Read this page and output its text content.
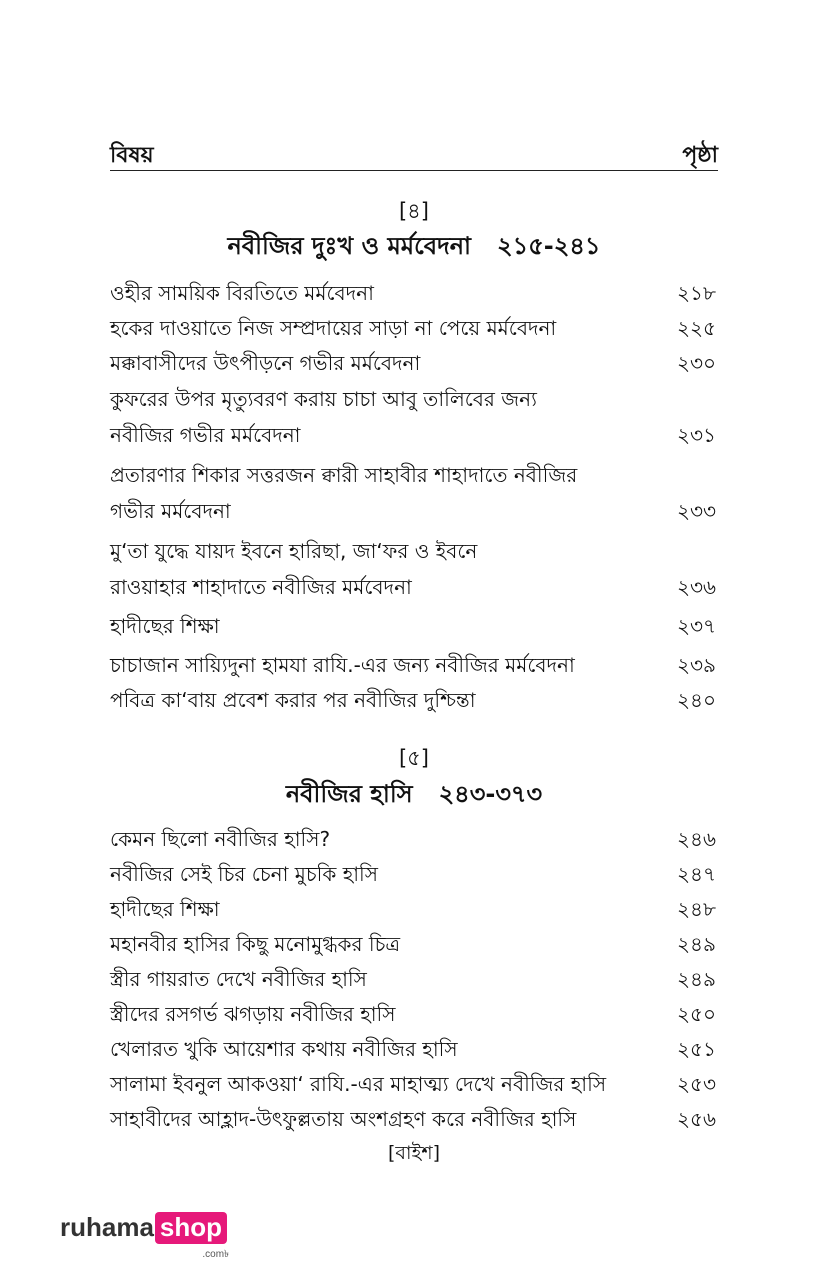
বিষয়	পৃষ্ঠা
[৪]
নবীজির দুঃখ ও মর্মবেদনা ২১৫-২৪১
ওহীর সাময়িক বিরতিতে মর্মবেদনা	২১৮
হকের দাওয়াতে নিজ সম্প্রদায়ের সাড়া না পেয়ে মর্মবেদনা	২২৫
মক্কাবাসীদের উৎপীড়নে গভীর মর্মবেদনা	২৩০
কুফরের উপর মৃত্যুবরণ করায় চাচা আবু তালিবের জন্য
নবীজির গভীর মর্মবেদনা	২৩১
প্রতারণার শিকার সত্তরজন ক্বারী সাহাবীর শাহাদাতে নবীজির
গভীর মর্মবেদনা	২৩৩
মু‘তা যুদ্ধে যায়দ ইবনে হারিছা, জা‘ফর ও ইবনে
রাওয়াহার শাহাদাতে নবীজির মর্মবেদনা	২৩৬
হাদীছের শিক্ষা	২৩৭
চাচাজান সায়্যিদুনা হামযা রাযি.-এর জন্য নবীজির মর্মবেদনা	২৩৯
পবিত্র কা‘বায় প্রবেশ করার পর নবীজির দুশ্চিন্তা	২৪০
[৫]
নবীজির হাসি ২৪৩-৩৭৩
কেমন ছিলো নবীজির হাসি?	২৪৬
নবীজির সেই চির চেনা মুচকি হাসি	২৪৭
হাদীছের শিক্ষা	২৪৮
মহানবীর হাসির কিছু মনোমুগ্ধকর চিত্র	২৪৯
স্ত্রীর গায়রাত দেখে নবীজির হাসি	২৪৯
স্ত্রীদের রসগর্ভ ঝগড়ায় নবীজির হাসি	২৫০
খেলারত খুকি আয়েশার কথায় নবীজির হাসি	২৫১
সালামা ইবনুল আকওয়া‘ রাযি.-এর মাহাত্ম্য দেখে নবীজির হাসি	২৫৩
সাহাবীদের আহ্লাদ-উৎফুল্লতায় অংশগ্রহণ করে নবীজির হাসি	২৫৬
[বাইশ]
ruhama shop
.com৳
